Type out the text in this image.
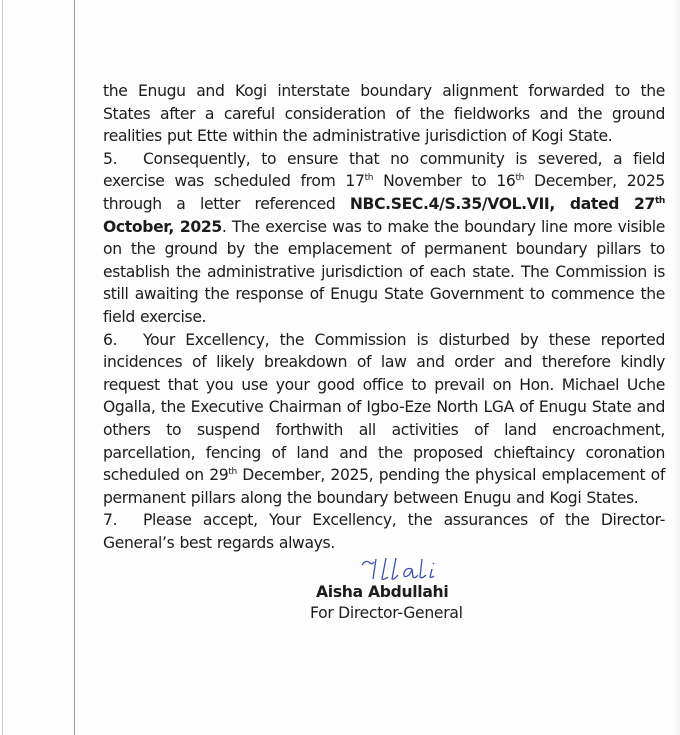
the Enugu and Kogi interstate boundary alignment forwarded to the States after a careful consideration of the fieldworks and the ground realities put Ette within the administrative jurisdiction of Kogi State.

5. Consequently, to ensure that no community is severed, a field exercise was scheduled from 17th November to 16th December, 2025 through a letter referenced NBC.SEC.4/S.35/VOL.VII, dated 27th October, 2025. The exercise was to make the boundary line more visible on the ground by the emplacement of permanent boundary pillars to establish the administrative jurisdiction of each state. The Commission is still awaiting the response of Enugu State Government to commence the field exercise.

6. Your Excellency, the Commission is disturbed by these reported incidences of likely breakdown of law and order and therefore kindly request that you use your good office to prevail on Hon. Michael Uche Ogalla, the Executive Chairman of Igbo-Eze North LGA of Enugu State and others to suspend forthwith all activities of land encroachment, parcellation, fencing of land and the proposed chieftaincy coronation scheduled on 29th December, 2025, pending the physical emplacement of permanent pillars along the boundary between Enugu and Kogi States.

7. Please accept, Your Excellency, the assurances of the Director-General’s best regards always.

Aisha Abdullahi
For Director-General
